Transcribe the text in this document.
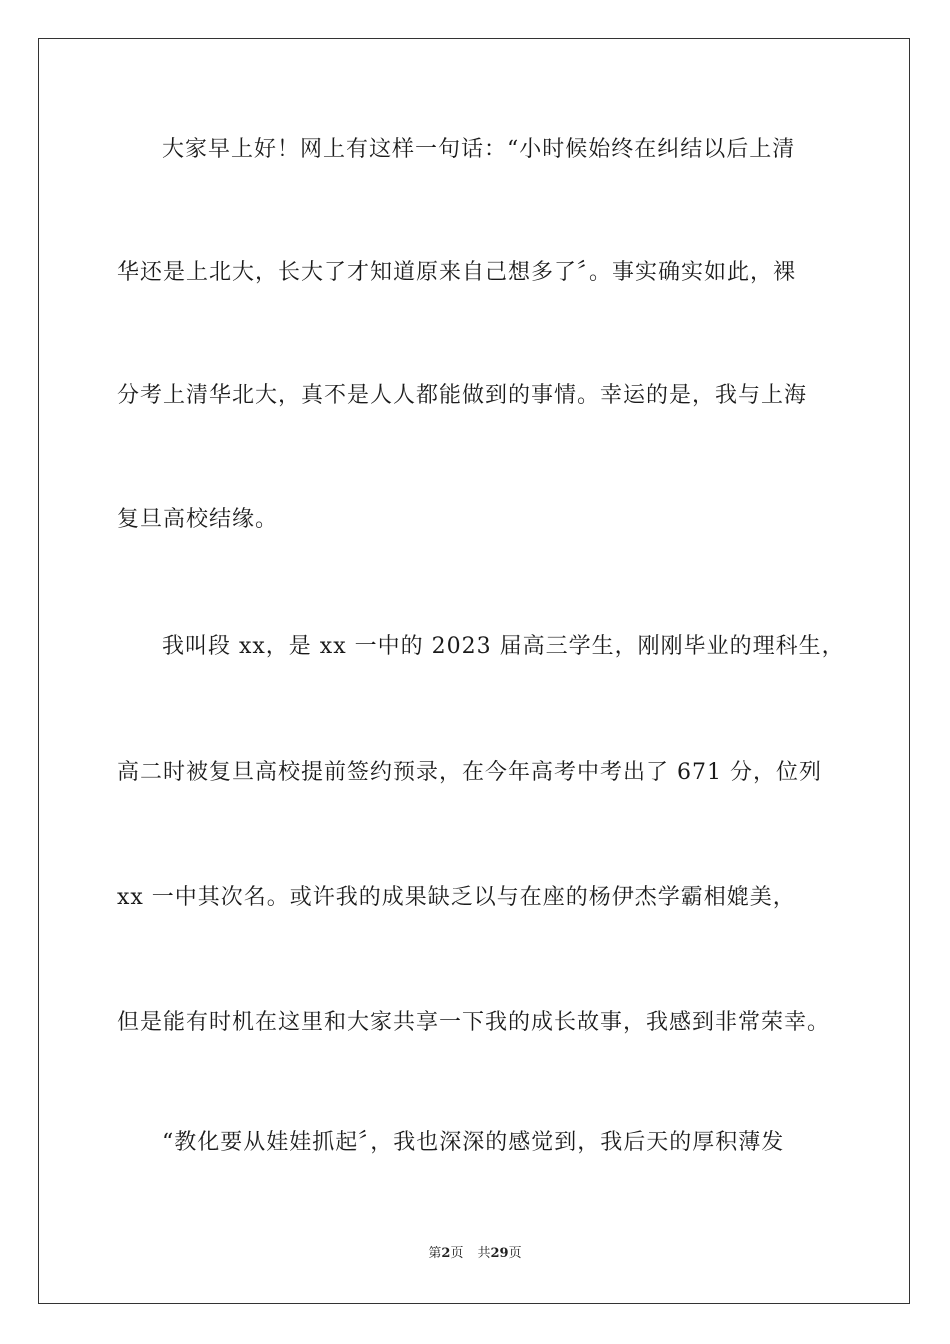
大家早上好！网上有这样一句话：“小时候始终在纠结以后上清
华还是上北大，长大了才知道原来自己想多了〞。事实确实如此，裸
分考上清华北大，真不是人人都能做到的事情。幸运的是，我与上海
复旦高校结缘。
我叫段 xx，是 xx 一中的 2023 届高三学生，刚刚毕业的理科生，
高二时被复旦高校提前签约预录，在今年高考中考出了 671 分，位列
xx 一中其次名。或许我的成果缺乏以与在座的杨伊杰学霸相媲美，
但是能有时机在这里和大家共享一下我的成长故事，我感到非常荣幸。
“教化要从娃娃抓起〞，我也深深的感觉到，我后天的厚积薄发
第2页 共29页
